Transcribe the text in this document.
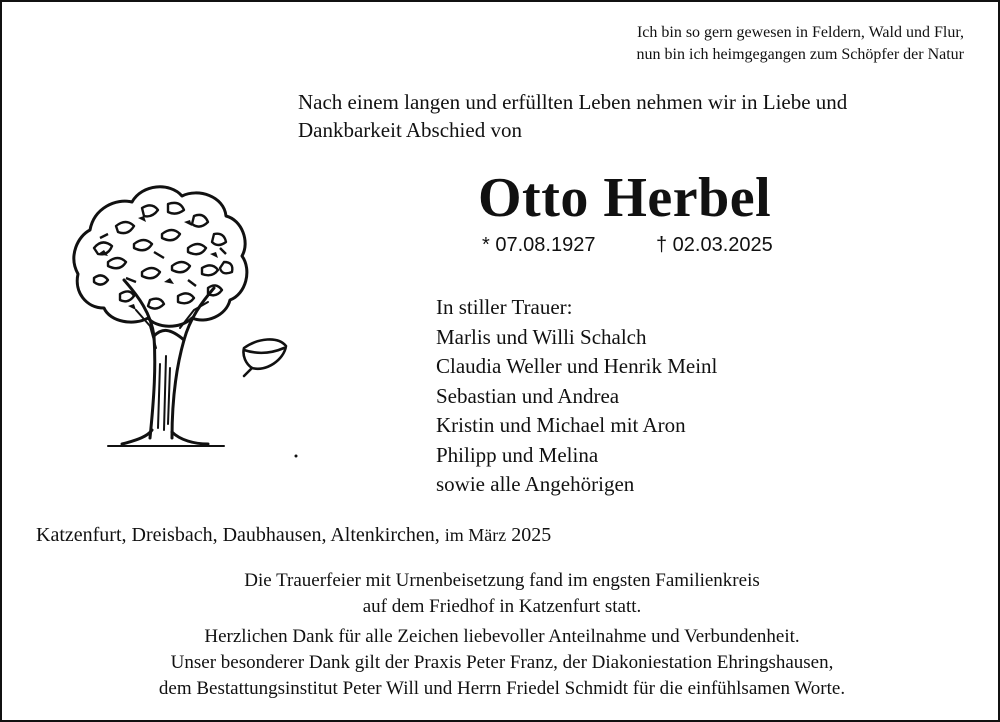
Ich bin so gern gewesen in Feldern, Wald und Flur,
nun bin ich heimgegangen zum Schöpfer der Natur
Nach einem langen und erfüllten Leben nehmen wir in Liebe und
Dankbarkeit Abschied von
Otto Herbel
* 07.08.1927	† 02.03.2025
In stiller Trauer:
Marlis und Willi Schalch
Claudia Weller und Henrik Meinl
Sebastian und Andrea
Kristin und Michael mit Aron
Philipp und Melina
sowie alle Angehörigen
Katzenfurt, Dreisbach, Daubhausen, Altenkirchen, im März 2025
Die Trauerfeier mit Urnenbeisetzung fand im engsten Familienkreis
auf dem Friedhof in Katzenfurt statt.
Herzlichen Dank für alle Zeichen liebevoller Anteilnahme und Verbundenheit.
Unser besonderer Dank gilt der Praxis Peter Franz, der Diakoniestation Ehringshausen,
dem Bestattungsinstitut Peter Will und Herrn Friedel Schmidt für die einfühlsamen Worte.
